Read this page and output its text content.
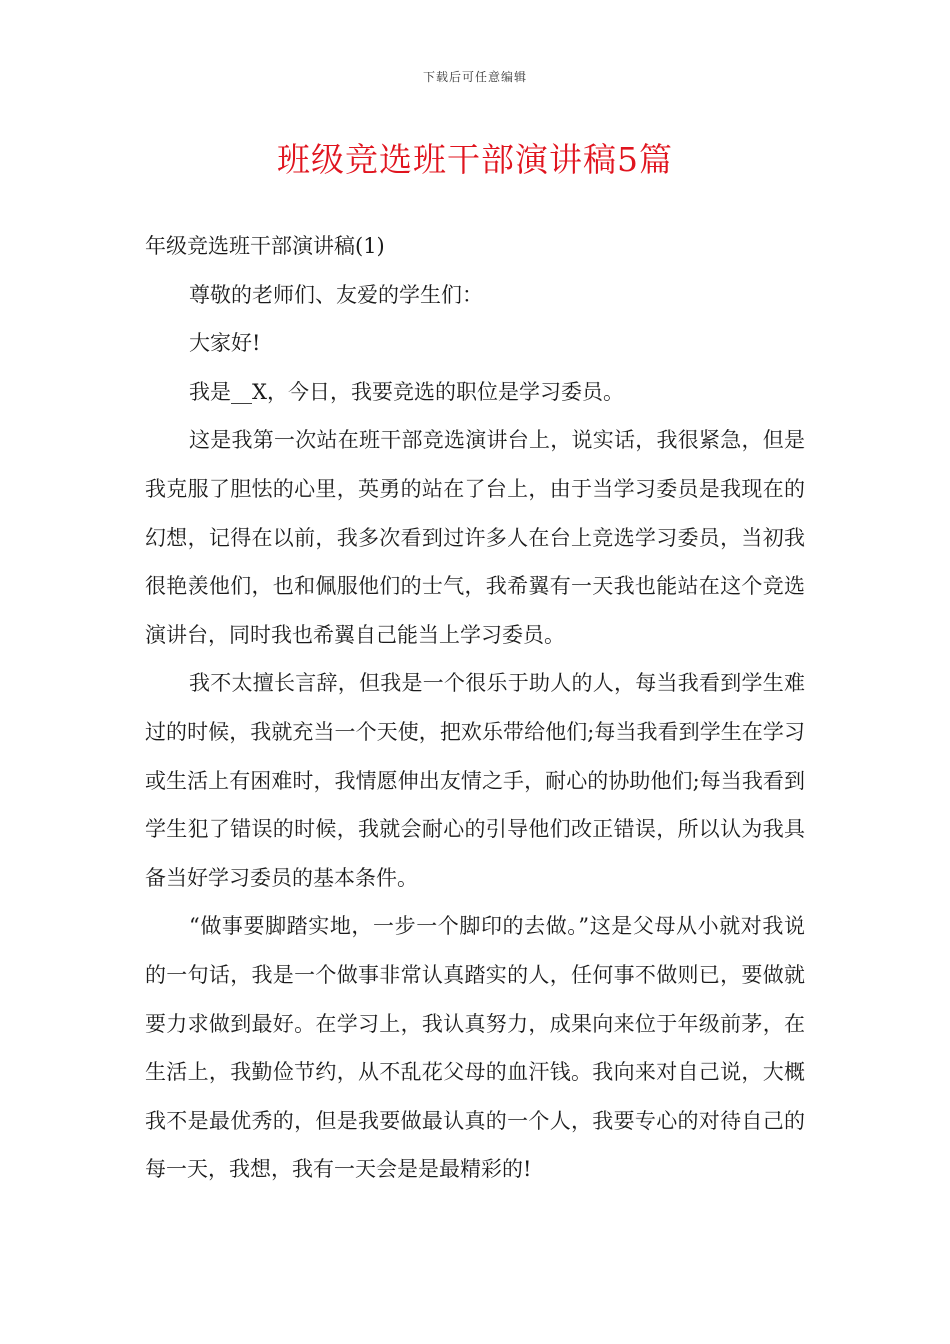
下载后可任意编辑
班级竞选班干部演讲稿5篇

年级竞选班干部演讲稿(1)

尊敬的老师们、友爱的学生们：

大家好!

我是__X，今日，我要竞选的职位是学习委员。

这是我第一次站在班干部竞选演讲台上，说实话，我很紧急，但是我克服了胆怯的心里，英勇的站在了台上，由于当学习委员是我现在的幻想，记得在以前，我多次看到过许多人在台上竞选学习委员，当初我很艳羡他们，也和佩服他们的士气，我希翼有一天我也能站在这个竞选演讲台，同时我也希翼自己能当上学习委员。

我不太擅长言辞，但我是一个很乐于助人的人，每当我看到学生难过的时候，我就充当一个天使，把欢乐带给他们;每当我看到学生在学习或生活上有困难时，我情愿伸出友情之手，耐心的协助他们;每当我看到学生犯了错误的时候，我就会耐心的引导他们改正错误，所以认为我具备当好学习委员的基本条件。

“做事要脚踏实地，一步一个脚印的去做。”这是父母从小就对我说的一句话，我是一个做事非常认真踏实的人，任何事不做则已，要做就要力求做到最好。在学习上，我认真努力，成果向来位于年级前茅，在生活上，我勤俭节约，从不乱花父母的血汗钱。我向来对自己说，大概我不是最优秀的，但是我要做最认真的一个人，我要专心的对待自己的每一天，我想，我有一天会是是最精彩的!
